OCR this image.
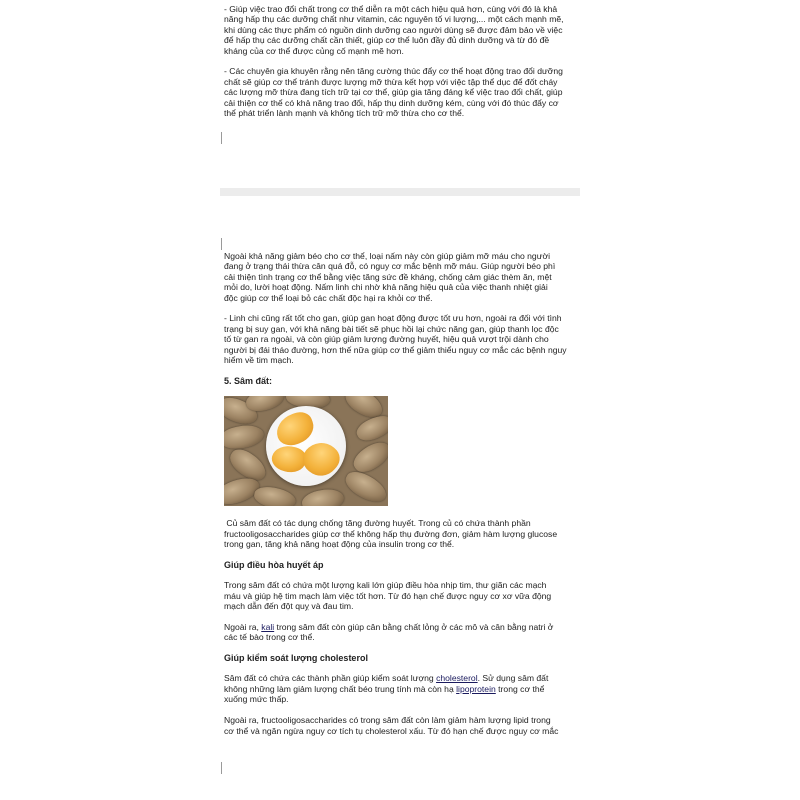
- Giúp việc trao đổi chất trong cơ thể diễn ra một cách hiệu quả hơn, cùng với đó là khả
năng hấp thụ các dưỡng chất như vitamin, các nguyên tố vi lượng,... một cách mạnh mẽ,
khi dùng các thực phẩm có nguồn dinh dưỡng cao người dùng sẽ được đảm bảo về việc
để hấp thụ các dưỡng chất cần thiết, giúp cơ thể luôn đầy đủ dinh dưỡng và từ đó đề
kháng của cơ thể được củng cố mạnh mẽ hơn.

- Các chuyên gia khuyên rằng nên tăng cường thúc đẩy cơ thể hoạt động trao đổi dưỡng
chất sẽ giúp cơ thể tránh được lượng mỡ thừa kết hợp với việc tập thể dục để đốt cháy
các lượng mỡ thừa đang tích trữ tại cơ thể, giúp gia tăng đáng kể việc trao đổi chất, giúp
cải thiện cơ thể có khả năng trao đổi, hấp thụ dinh dưỡng kém, cùng với đó thúc đẩy cơ
thể phát triển lành mạnh và không tích trữ mỡ thừa cho cơ thể.

Ngoài khả năng giảm béo cho cơ thể, loại nấm này còn giúp giảm mỡ máu cho người
đang ở trạng thái thừa cân quá đỗ, có nguy cơ mắc bệnh mỡ máu. Giúp người béo phì
cải thiện tình trạng cơ thể bằng việc tăng sức đề kháng, chống cảm giác thèm ăn, mệt
mỏi do, lười hoạt động. Nấm linh chi nhờ khả năng hiệu quả của việc thanh nhiệt giải
độc giúp cơ thể loại bỏ các chất độc hại ra khỏi cơ thể.

- Linh chi cũng rất tốt cho gan, giúp gan hoạt động được tốt ưu hơn, ngoài ra đối với tình
trạng bị suy gan, với khả năng bài tiết sẽ phục hồi lại chức năng gan, giúp thanh lọc độc
tố từ gan ra ngoài, và còn giúp giảm lượng đường huyết, hiệu quả vượt trội dành cho
người bị đái tháo đường, hơn thế nữa giúp cơ thể giảm thiểu nguy cơ mắc các bệnh nguy
hiểm về tim mạch.

5. Sâm đất:

Củ sâm đất có tác dụng chống tăng đường huyết. Trong củ có chứa thành phần
fructooligosaccharides giúp cơ thể không hấp thụ đường đơn, giảm hàm lượng glucose
trong gan, tăng khả năng hoạt động của insulin trong cơ thể.

Giúp điều hòa huyết áp

Trong sâm đất có chứa một lượng kali lớn giúp điều hòa nhịp tim, thư giãn các mạch
máu và giúp hệ tim mạch làm việc tốt hơn. Từ đó hạn chế được nguy cơ xơ vữa động
mạch dẫn đến đột quỵ và đau tim.

Ngoài ra, kali trong sâm đất còn giúp cân bằng chất lỏng ở các mô và cân bằng natri ở
các tế bào trong cơ thể.

Giúp kiểm soát lượng cholesterol

Sâm đất có chứa các thành phần giúp kiểm soát lượng cholesterol. Sử dụng sâm đất
không những làm giảm lượng chất béo trung tính mà còn hạ lipoprotein trong cơ thể
xuống mức thấp.

Ngoài ra, fructooligosaccharides có trong sâm đất còn làm giảm hàm lượng lipid trong
cơ thể và ngăn ngừa nguy cơ tích tụ cholesterol xấu. Từ đó hạn chế được nguy cơ mắc
